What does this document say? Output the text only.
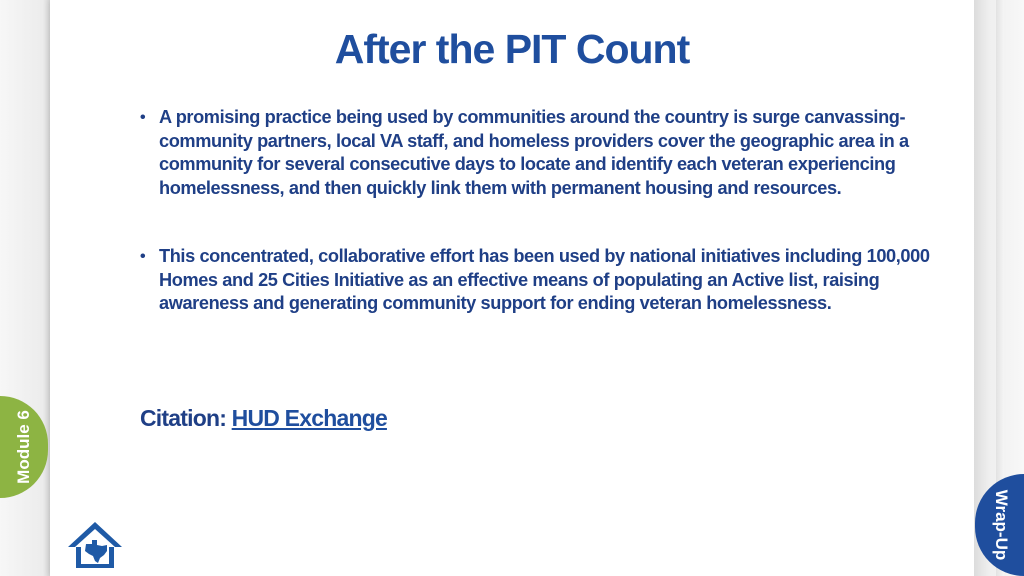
After the PIT Count
• A promising practice being used by communities around the country is surge canvassing- community partners, local VA staff, and homeless providers cover the geographic area in a community for several consecutive days to locate and identify each veteran experiencing homelessness, and then quickly link them with permanent housing and resources.
• This concentrated, collaborative effort has been used by national initiatives including 100,000 Homes and 25 Cities Initiative as an effective means of populating an Active list, raising awareness and generating community support for ending veteran homelessness.
Citation: HUD Exchange
Module 6
Wrap-Up
